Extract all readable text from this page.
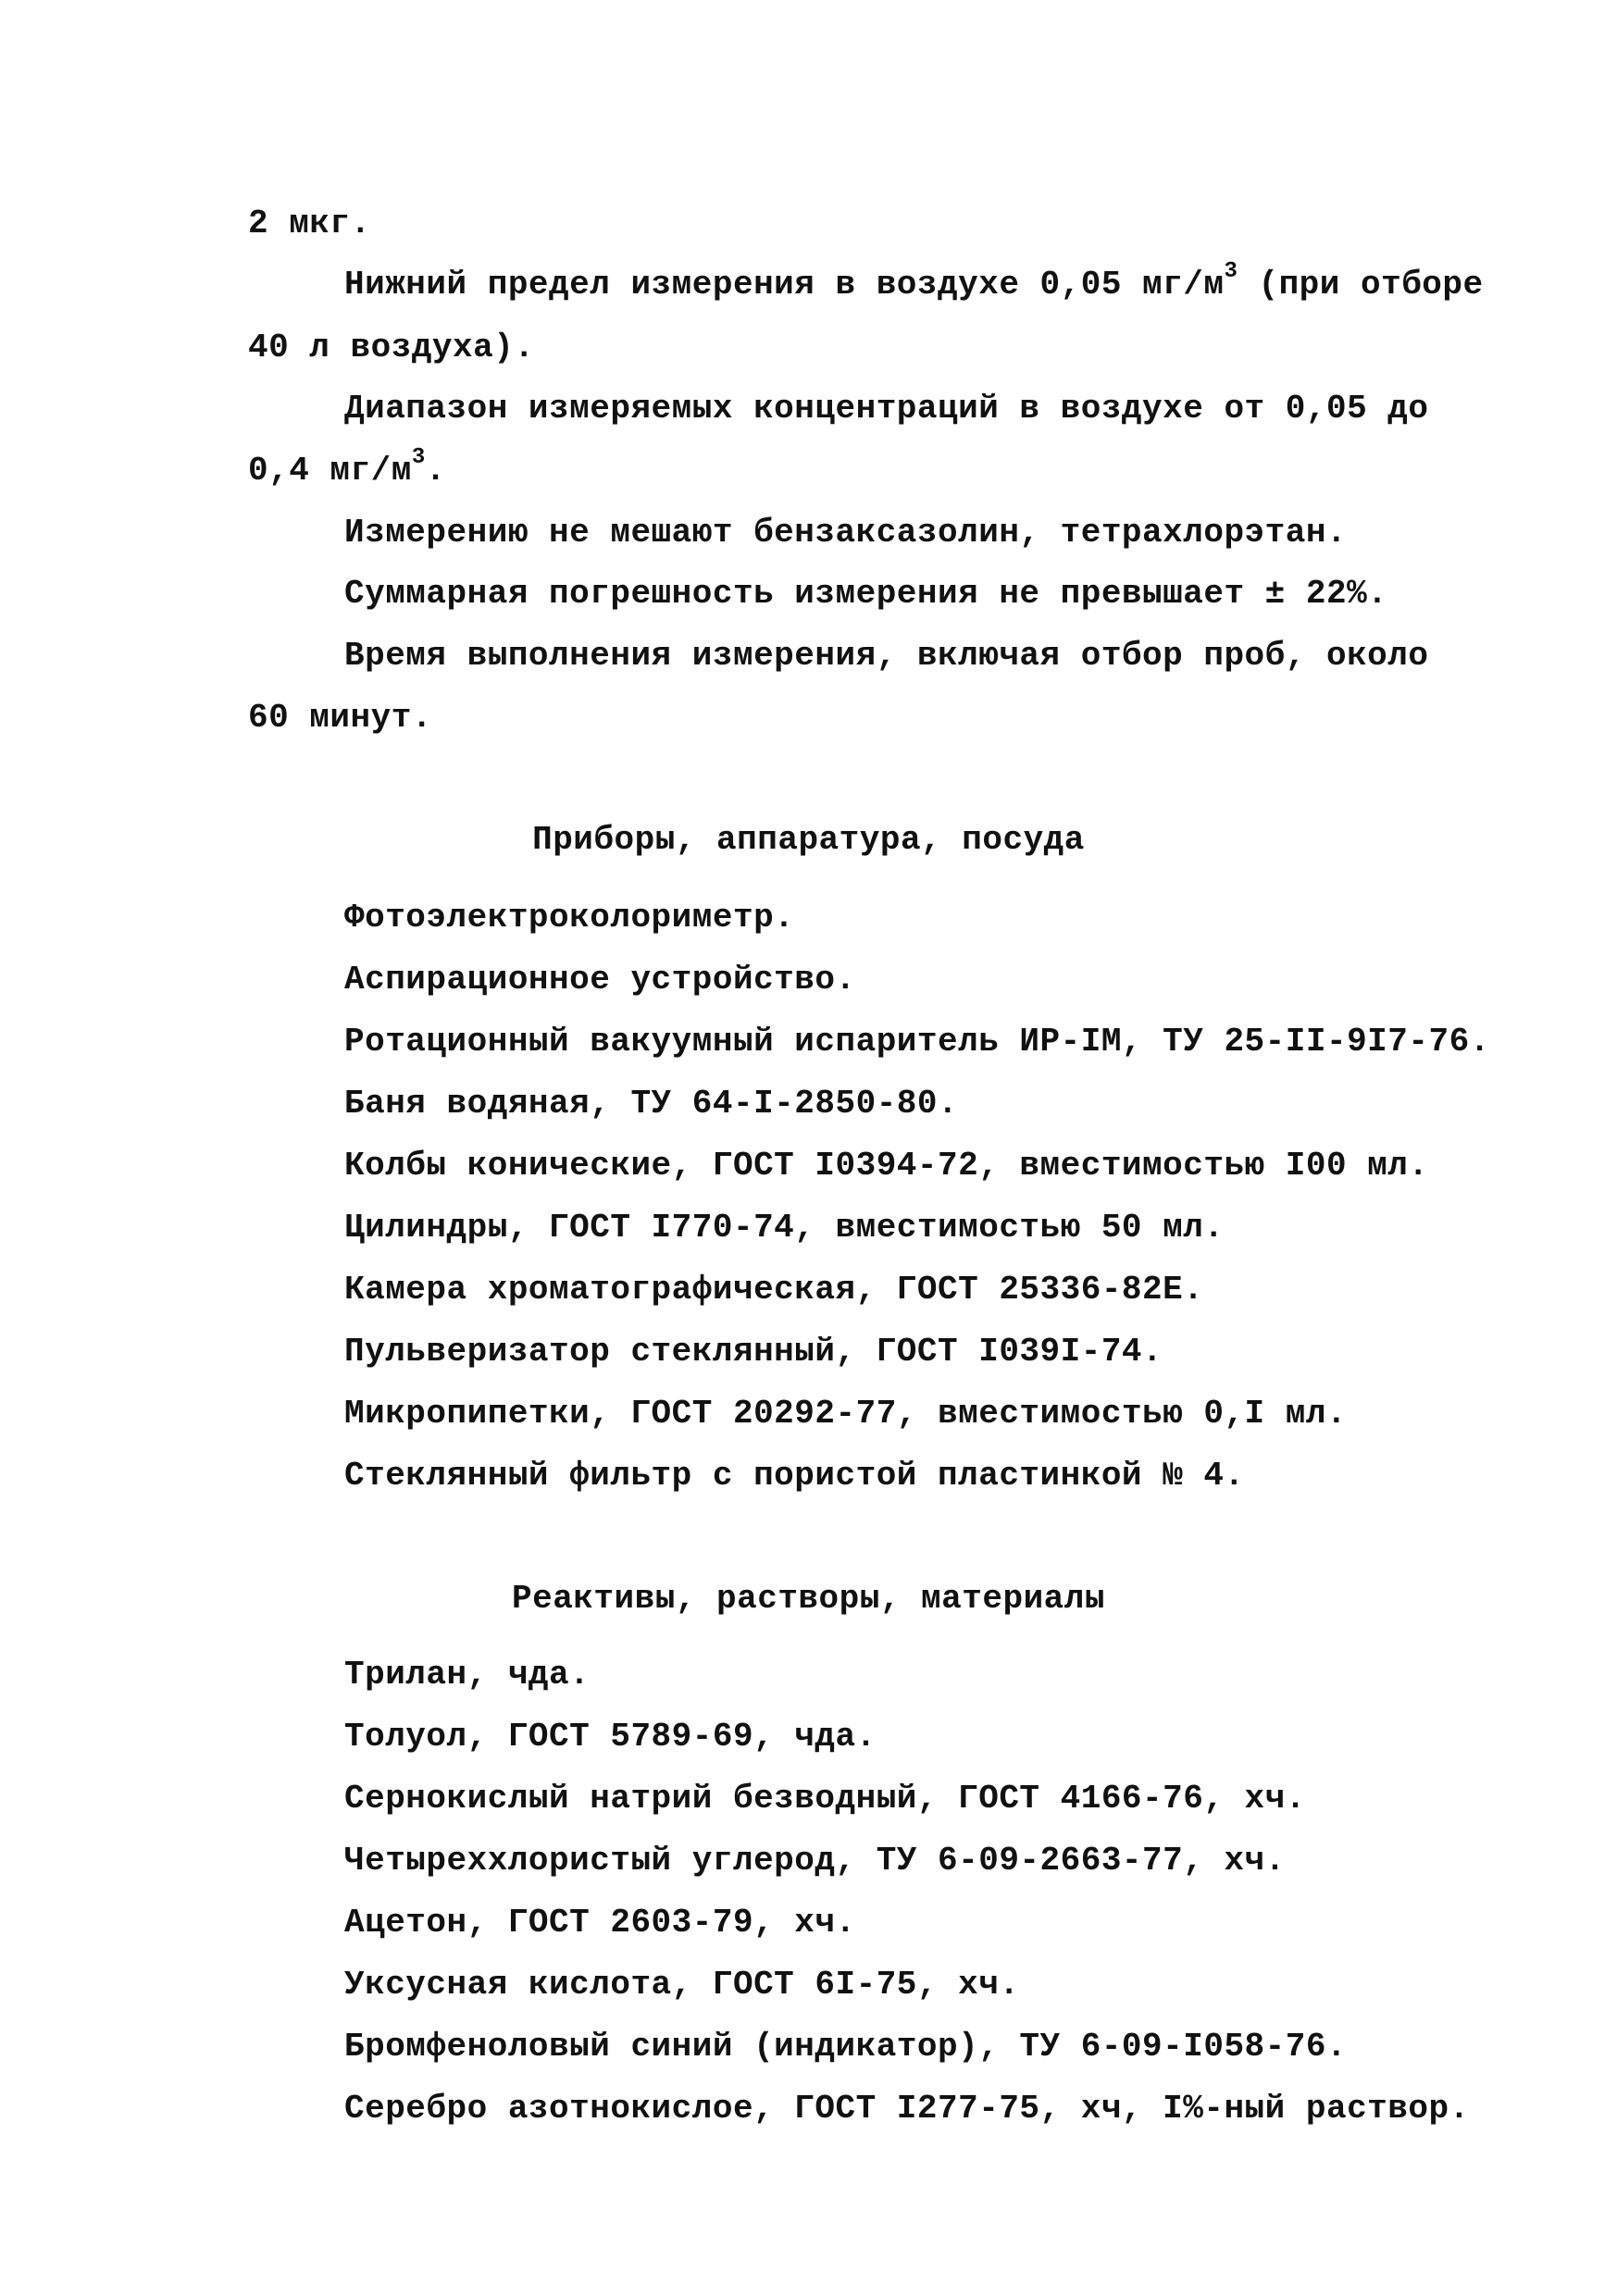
2 мкг.
Нижний предел измерения в воздухе 0,05 $мг/м^3$ (при отборе
40 л воздуха).
Диапазон измеряемых концентраций в воздухе от 0,05 до
0,4 $мг/м^3$.
Измерению не мешают бензаксазолин, тетрахлорэтан.
Суммарная погрешность измерения не превышает ± 22%.
Время выполнения измерения, включая отбор проб, около
60 минут.
Приборы, аппаратура, посуда
Фотоэлектроколориметр.
Аспирационное устройство.
Ротационный вакуумный испаритель ИР-IМ, ТУ 25-II-9I7-76.
Баня водяная, ТУ 64-I-2850-80.
Колбы конические, ГОСТ I0394-72, вместимостью I00 мл.
Цилиндры, ГОСТ I770-74, вместимостью 50 мл.
Камера хроматографическая, ГОСТ 25336-82Е.
Пульверизатор стеклянный, ГОСТ I039I-74.
Микропипетки, ГОСТ 20292-77, вместимостью 0,I мл.
Стеклянный фильтр с пористой пластинкой № 4.
Реактивы, растворы, материалы
Трилан, чда.
Толуол, ГОСТ 5789-69, чда.
Сернокислый натрий безводный, ГОСТ 4166-76, хч.
Четыреххлористый углерод, ТУ 6-09-2663-77, хч.
Ацетон, ГОСТ 2603-79, хч.
Уксусная кислота, ГОСТ 6I-75, хч.
Бромфеноловый синий (индикатор), ТУ 6-09-I058-76.
Серебро азотнокислое, ГОСТ I277-75, хч, I%-ный раствор.
